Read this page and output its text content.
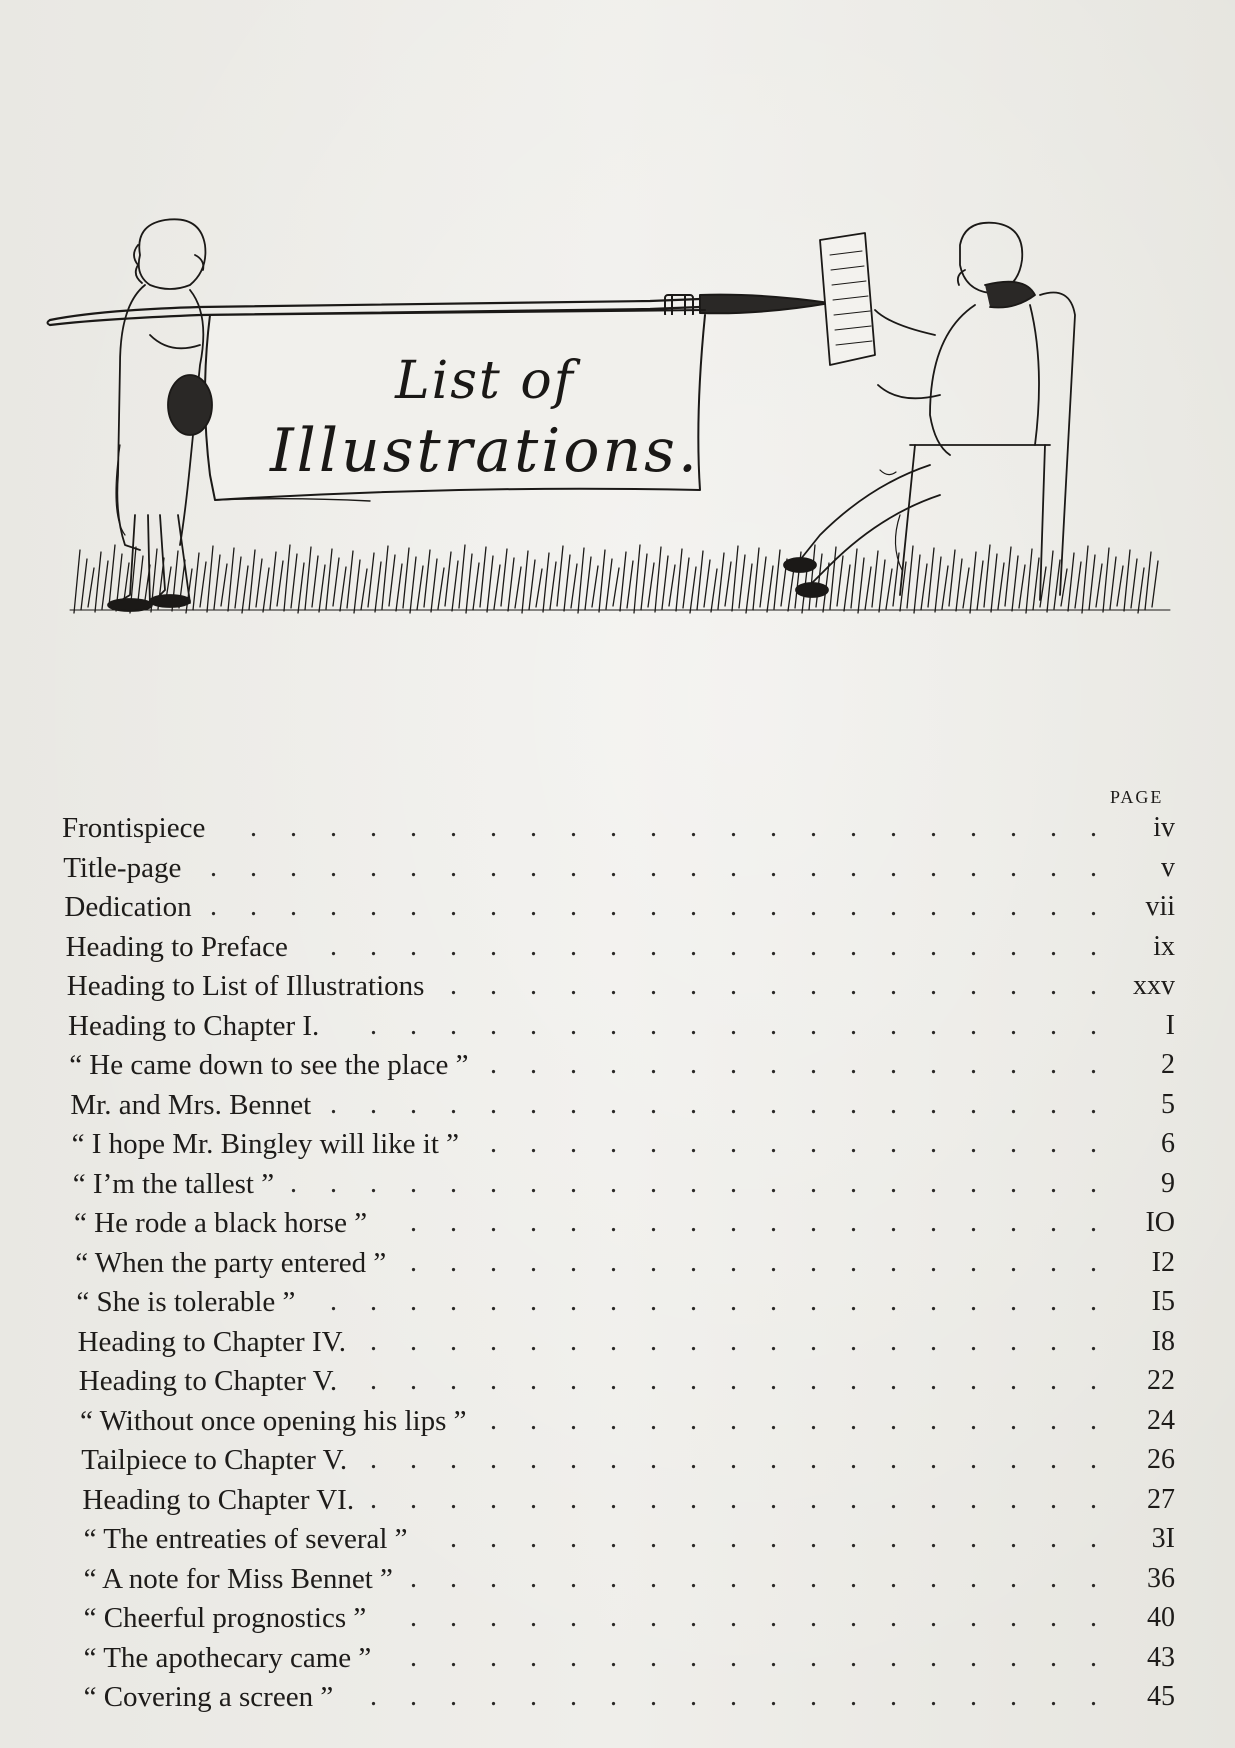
List of
Illustrations.
PAGE
Frontispiece . . . . . . . . . . . . . . . . . . . . . . iv
Title-page . . . . . . . . . . . . . . . . . . . . . . . v
Dedication . . . . . . . . . . . . . . . . . . . . . . . vii
Heading to Preface . . . . . . . . . . . . . . . . . . . . ix
Heading to List of Illustrations . . . . . . . . . . . . . . . . . xxv
Heading to Chapter I. . . . . . . . . . . . . . . . . . . . I
“ He came down to see the place ” . . . . . . . . . . . . . . . . 2
Mr. and Mrs. Bennet . . . . . . . . . . . . . . . . . . . . 5
“ I hope Mr. Bingley will like it ” . . . . . . . . . . . . . . . . 6
“ I’m the tallest ” . . . . . . . . . . . . . . . . . . . . . 9
“ He rode a black horse ” . . . . . . . . . . . . . . . . . . IO
“ When the party entered ” . . . . . . . . . . . . . . . . . . I2
“ She is tolerable ” . . . . . . . . . . . . . . . . . . . . I5
Heading to Chapter IV. . . . . . . . . . . . . . . . . . . . I8
Heading to Chapter V. . . . . . . . . . . . . . . . . . . . 22
“ Without once opening his lips ” . . . . . . . . . . . . . . . . 24
Tailpiece to Chapter V. . . . . . . . . . . . . . . . . . . . 26
Heading to Chapter VI. . . . . . . . . . . . . . . . . . . . 27
“ The entreaties of several ” . . . . . . . . . . . . . . . . . 3I
“ A note for Miss Bennet ” . . . . . . . . . . . . . . . . . . 36
“ Cheerful prognostics ” . . . . . . . . . . . . . . . . . . 40
“ The apothecary came ” . . . . . . . . . . . . . . . . . . 43
“ Covering a screen ” . . . . . . . . . . . . . . . . . . . 45
